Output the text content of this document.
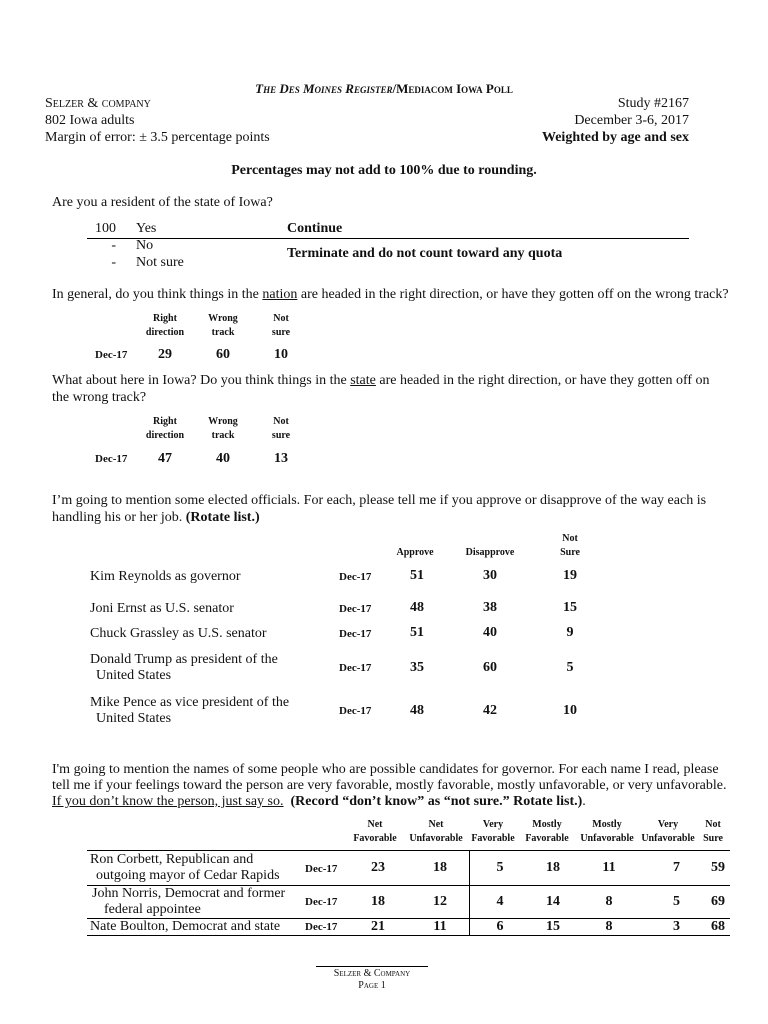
The Des Moines Register/Mediacom Iowa Poll
Selzer & company
802 Iowa adults
Margin of error: ± 3.5 percentage points
Study #2167
December 3-6, 2017
Weighted by age and sex
Percentages may not add to 100% due to rounding.
Are you a resident of the state of Iowa?
100 Yes	Continue
- No
- Not sure
Terminate and do not count toward any quota
In general, do you think things in the nation are headed in the right direction, or have they gotten off on the wrong track?
Right
direction
Wrong
track
Not
sure
Dec-17	29	60	10
What about here in Iowa? Do you think things in the state are headed in the right direction, or have they gotten off on
the wrong track?
Right
direction
Wrong
track
Not
sure
Dec-17	47	40	13
I’m going to mention some elected officials. For each, please tell me if you approve or disapprove of the way each is
handling his or her job. (Rotate list.)
Approve	Disapprove
Not
Sure
Kim Reynolds as governor	Dec-17	51	30	19
Joni Ernst as U.S. senator	Dec-17	48	38	15
Chuck Grassley as U.S. senator	Dec-17	51	40	9
Donald Trump as president of the
United States	Dec-17	35	60	5
Mike Pence as vice president of the
United States	Dec-17	48	42	10
I'm going to mention the names of some people who are possible candidates for governor. For each name I read, please
tell me if your feelings toward the person are very favorable, mostly favorable, mostly unfavorable, or very unfavorable.
If you don’t know the person, just say so. (Record “don’t know” as “not sure.” Rotate list.).
Net
Favorable
Net
Unfavorable
Very
Favorable
Mostly
Favorable
Mostly
Unfavorable
Very
Unfavorable
Not
Sure
Ron Corbett, Republican and
outgoing mayor of Cedar Rapids Dec-17	23	18	5	18	11	7	59
John Norris, Democrat and former
federal appointee	Dec-17	18	12	4	14	8	5	69
Nate Boulton, Democrat and state Dec-17	21	11	6	15	8	3	68
Selzer & Company
Page 1
